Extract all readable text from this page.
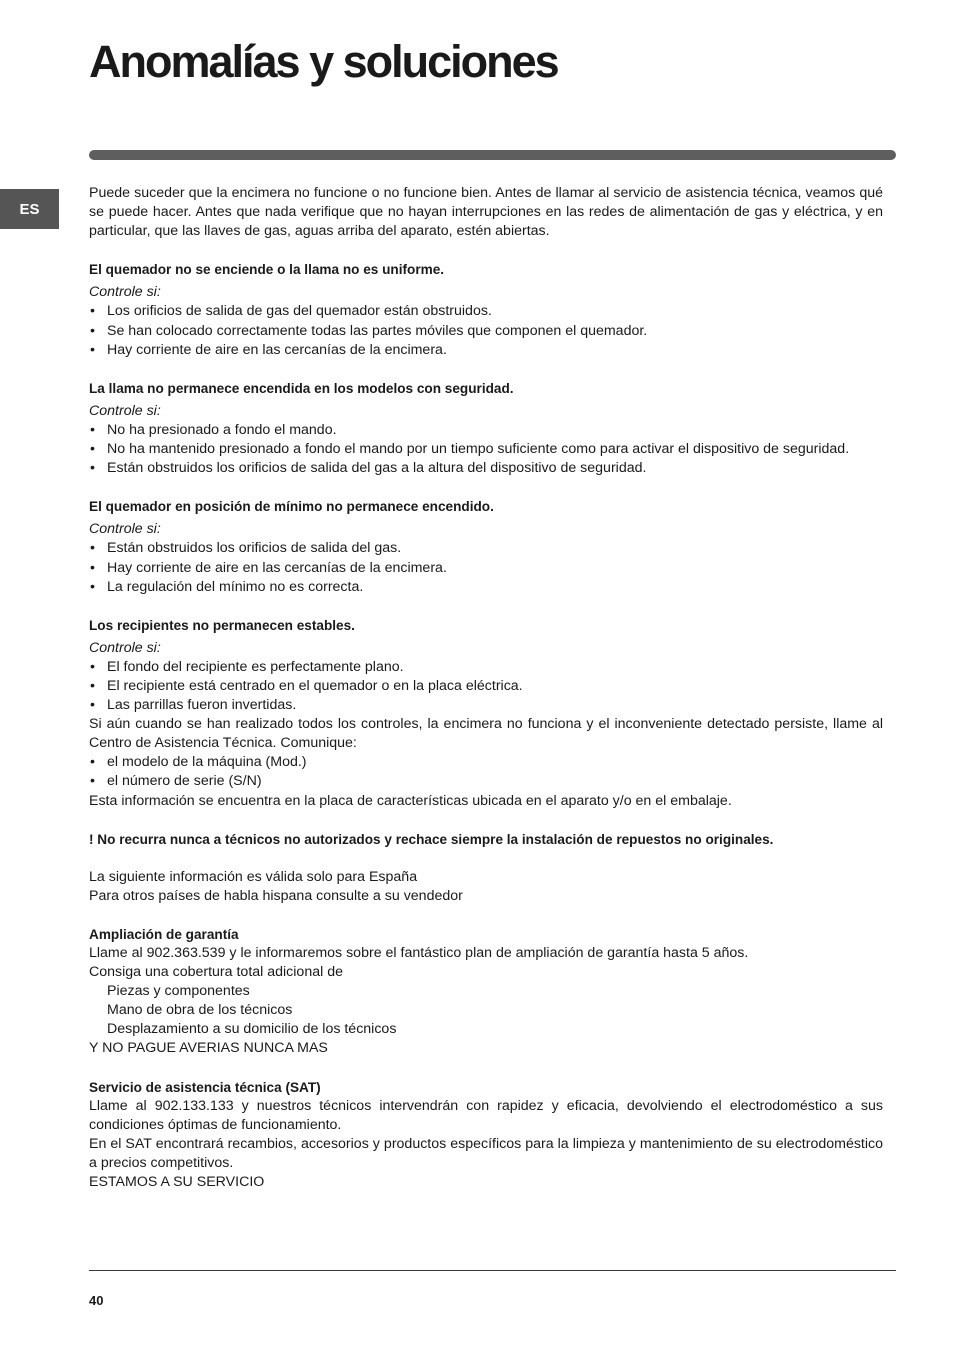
Anomalías y soluciones
ES

Puede suceder que la encimera no funcione o no funcione bien. Antes de llamar al servicio de asistencia técnica, veamos qué se puede hacer. Antes que nada verifique que no hayan interrupciones en las redes de alimentación de gas y eléctrica, y en particular, que las llaves de gas, aguas arriba del aparato, estén abiertas.

El quemador no se enciende o la llama no es uniforme.

Controle si:

• Los orificios de salida de gas del quemador están obstruidos.
• Se han colocado correctamente todas las partes móviles que componen el quemador.
• Hay corriente de aire en las cercanías de la encimera.

La llama no permanece encendida en los modelos con seguridad.

Controle si:

• No ha presionado a fondo el mando.
• No ha mantenido presionado a fondo el mando por un tiempo suficiente como para activar el dispositivo de seguridad.
• Están obstruidos los orificios de salida del gas a la altura del dispositivo de seguridad.

El quemador en posición de mínimo no permanece encendido.

Controle si:

• Están obstruidos los orificios de salida del gas.
• Hay corriente de aire en las cercanías de la encimera.
• La regulación del mínimo no es correcta.

Los recipientes no permanecen estables.

Controle si:

• El fondo del recipiente es perfectamente plano.
• El recipiente está centrado en el quemador o en la placa eléctrica.
• Las parrillas fueron invertidas.

Si aún cuando se han realizado todos los controles, la encimera no funciona y el inconveniente detectado persiste, llame al Centro de Asistencia Técnica. Comunique:

• el modelo de la máquina (Mod.)
• el número de serie (S/N)

Esta información se encuentra en la placa de características ubicada en el aparato y/o en el embalaje.

! No recurra nunca a técnicos no autorizados y rechace siempre la instalación de repuestos no originales.

La siguiente información es válida solo para España

Para otros países de habla hispana consulte a su vendedor

Ampliación de garantía

Llame al 902.363.539 y le informaremos sobre el fantástico plan de ampliación de garantía hasta 5 años.

Consiga una cobertura total adicional de

Piezas y componentes
Mano de obra de los técnicos
Desplazamiento a su domicilio de los técnicos

Y NO PAGUE AVERIAS NUNCA MAS

Servicio de asistencia técnica (SAT)

Llame al 902.133.133 y nuestros técnicos intervendrán con rapidez y eficacia, devolviendo el electrodoméstico a sus condiciones óptimas de funcionamiento.

En el SAT encontrará recambios, accesorios y productos específicos para la limpieza y mantenimiento de su electrodoméstico a precios competitivos.

ESTAMOS A SU SERVICIO

40
